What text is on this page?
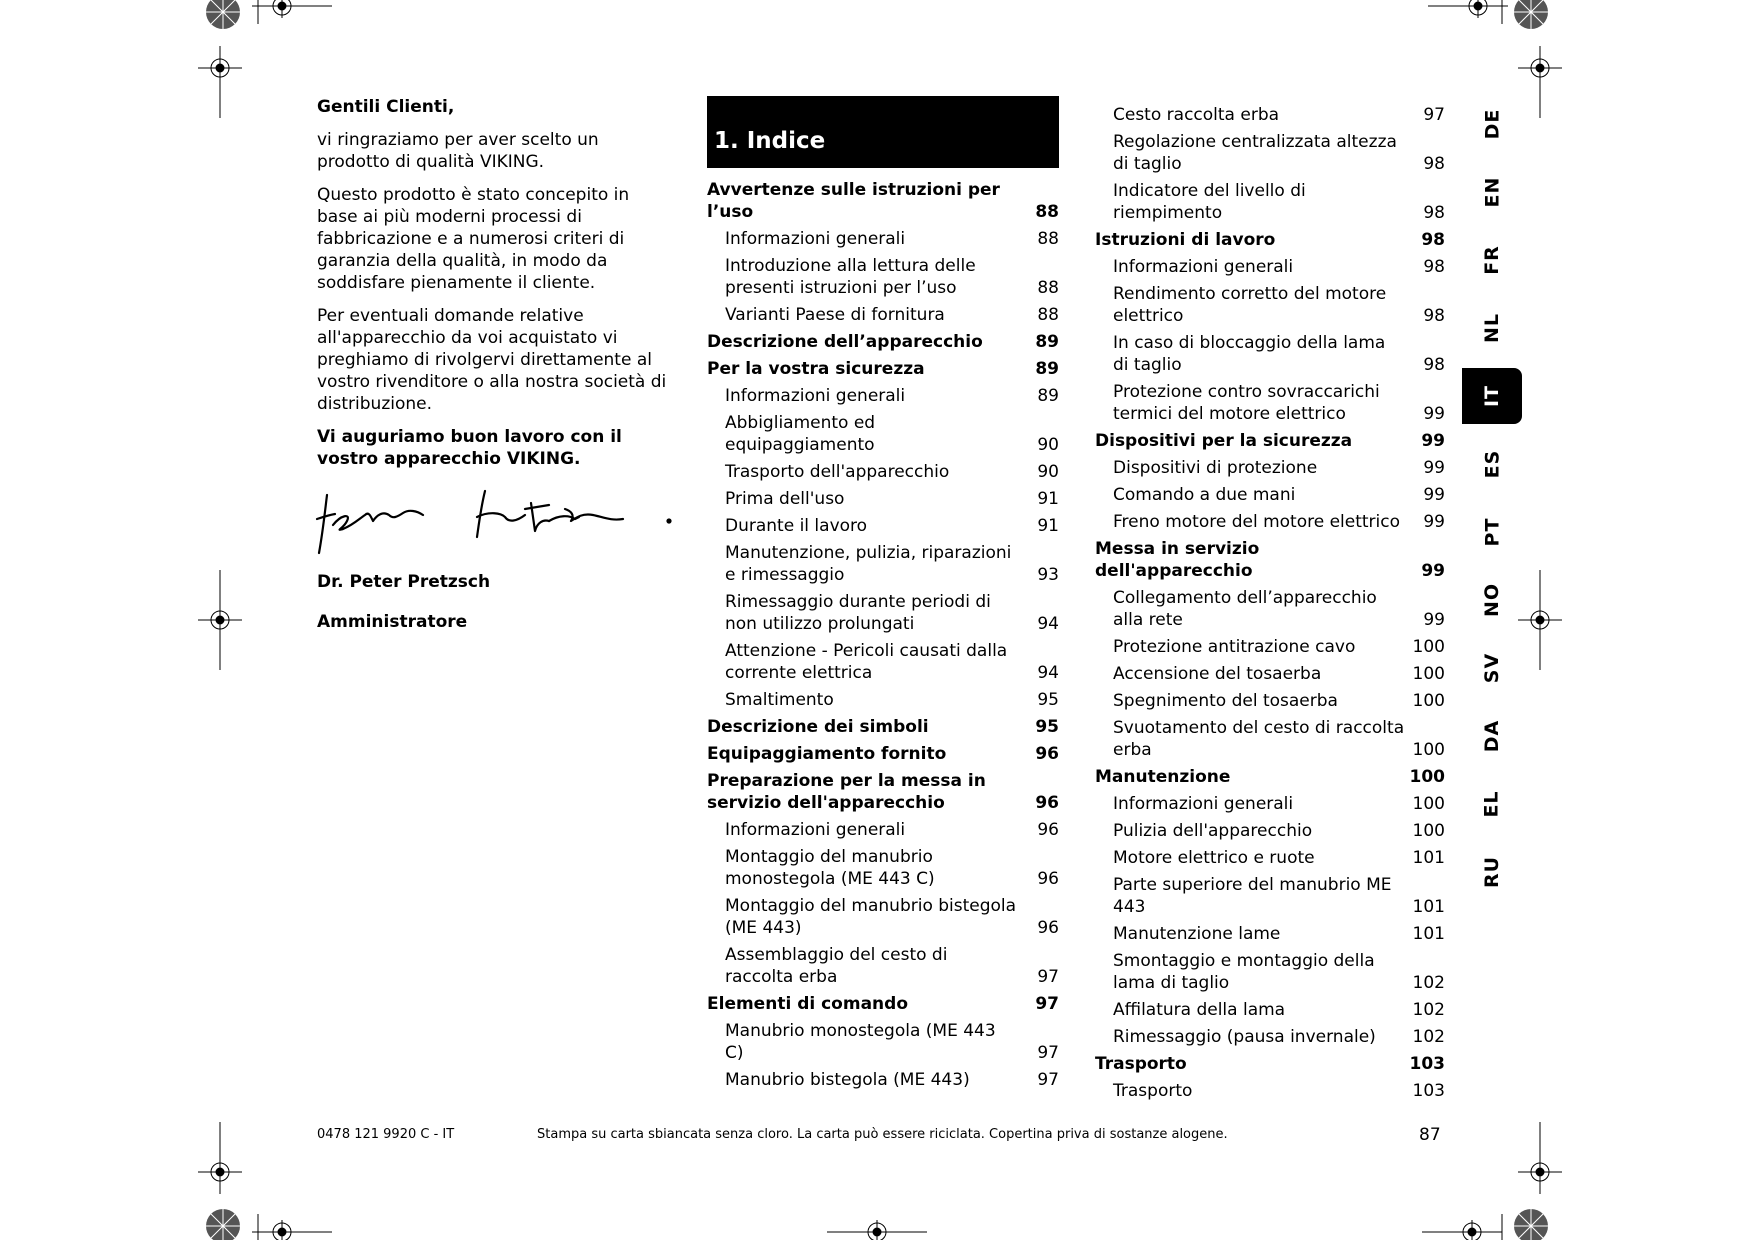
Gentili Clienti,

vi ringraziamo per aver scelto un prodotto di qualità VIKING.

Questo prodotto è stato concepito in base ai più moderni processi di fabbricazione e a numerosi criteri di garanzia della qualità, in modo da soddisfare pienamente il cliente.

Per eventuali domande relative all'apparecchio da voi acquistato vi preghiamo di rivolgervi direttamente al vostro rivenditore o alla nostra società di distribuzione.

Vi auguriamo buon lavoro con il vostro apparecchio VIKING.

Dr. Peter Pretzsch

Amministratore

1. Indice
Avvertenze sulle istruzioni per l’uso	88
Informazioni generali	88
Introduzione alla lettura delle presenti istruzioni per l’uso	88
Varianti Paese di fornitura	88
Descrizione dell’apparecchio	89
Per la vostra sicurezza	89
Informazioni generali	89
Abbigliamento ed equipaggiamento	90
Trasporto dell'apparecchio	90
Prima dell'uso	91
Durante il lavoro	91
Manutenzione, pulizia, riparazioni e rimessaggio	93
Rimessaggio durante periodi di non utilizzo prolungati	94
Attenzione - Pericoli causati dalla corrente elettrica	94
Smaltimento	95
Descrizione dei simboli	95
Equipaggiamento fornito	96
Preparazione per la messa in servizio dell'apparecchio	96
Informazioni generali	96
Montaggio del manubrio monostegola (ME 443 C)	96
Montaggio del manubrio bistegola (ME 443)	96
Assemblaggio del cesto di raccolta erba	97
Elementi di comando	97
Manubrio monostegola (ME 443 C)	97
Manubrio bistegola (ME 443)	97
Cesto raccolta erba	97
Regolazione centralizzata altezza di taglio	98
Indicatore del livello di riempimento	98
Istruzioni di lavoro	98
Informazioni generali	98
Rendimento corretto del motore elettrico	98
In caso di bloccaggio della lama di taglio	98
Protezione contro sovraccarichi termici del motore elettrico	99
Dispositivi per la sicurezza	99
Dispositivi di protezione	99
Comando a due mani	99
Freno motore del motore elettrico	99
Messa in servizio dell'apparecchio	99
Collegamento dell’apparecchio alla rete	99
Protezione antitrazione cavo	100
Accensione del tosaerba	100
Spegnimento del tosaerba	100
Svuotamento del cesto di raccolta erba	100
Manutenzione	100
Informazioni generali	100
Pulizia dell'apparecchio	100
Motore elettrico e ruote	101
Parte superiore del manubrio ME 443	101
Manutenzione lame	101
Smontaggio e montaggio della lama di taglio	102
Affilatura della lama	102
Rimessaggio (pausa invernale)	102
Trasporto	103
Trasporto	103
DE
EN
FR
NL
IT
ES
PT
NO
SV
DA
EL
RU
0478 121 9920 C - IT	Stampa su carta sbiancata senza cloro. La carta può essere riciclata. Copertina priva di sostanze alogene.	87
